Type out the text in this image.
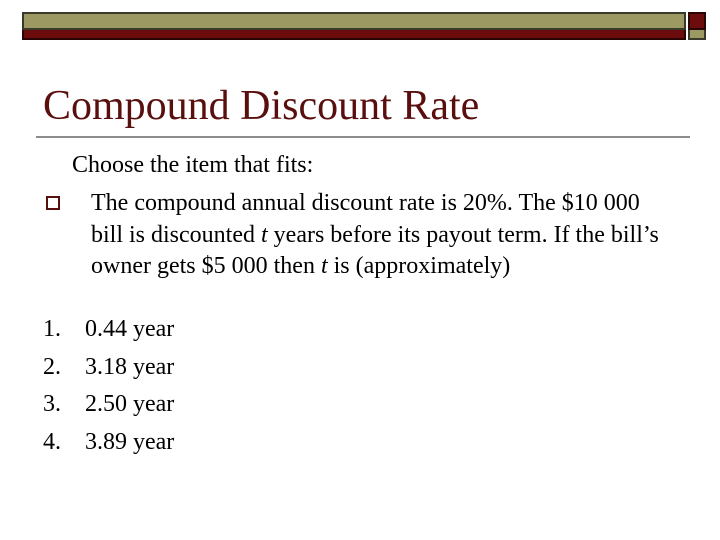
Compound Discount Rate
Choose the item that fits:
The compound annual discount rate is 20%. The $10 000 bill is discounted t years before its payout term. If the bill’s owner gets $5 000 then t is (approximately)
1.	0.44 year
2.	3.18 year
3.	2.50 year
4.	3.89 year
